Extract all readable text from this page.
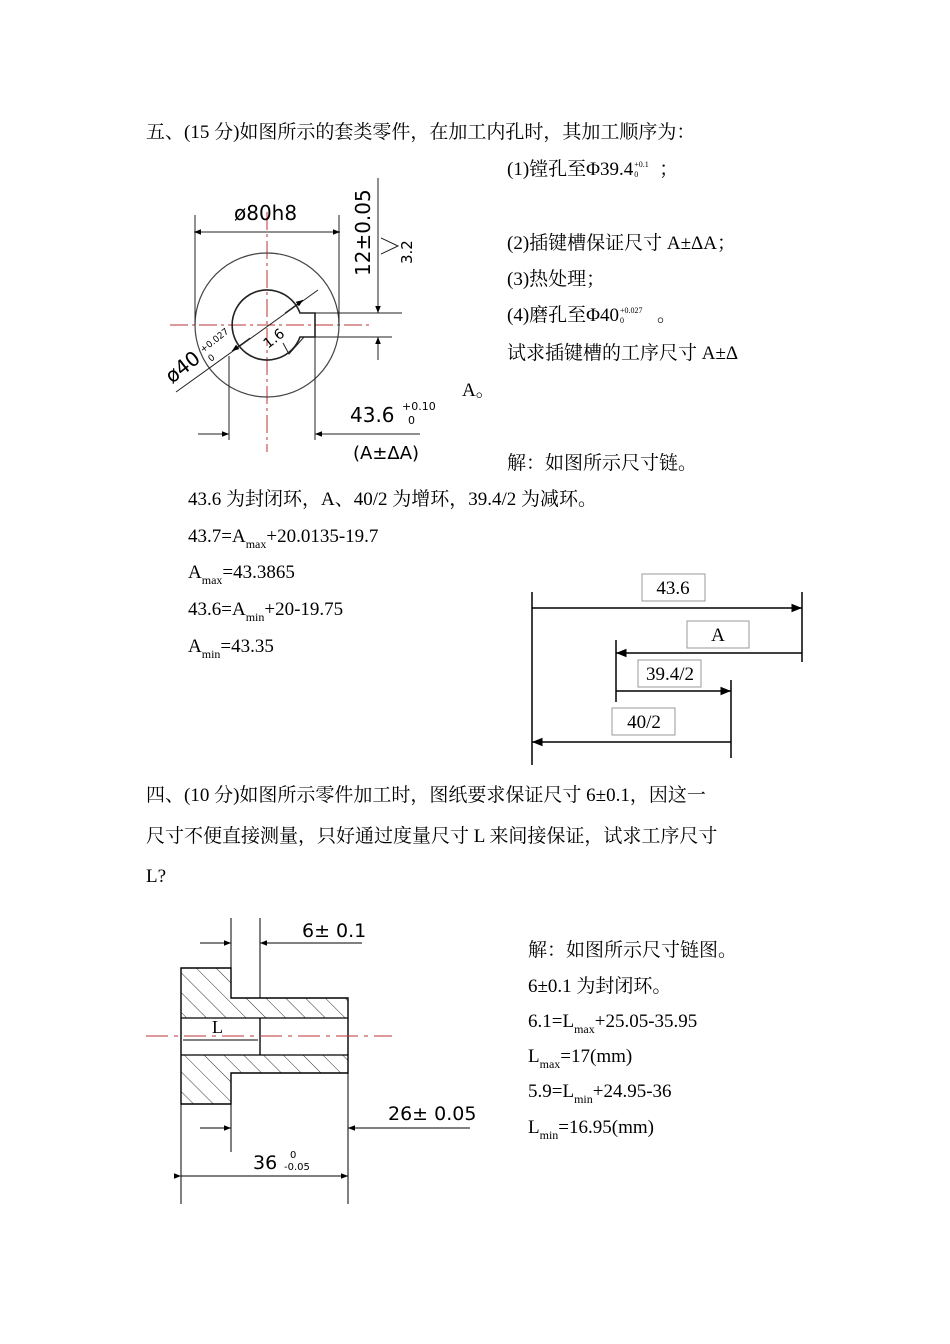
五、(15 分)如图所示的套类零件，在加工内孔时，其加工顺序为：
(1)镗孔至Φ39.4 +0.1
0 ；
(2)插键槽保证尺寸 A±ΔA；
(3)热处理；
(4)磨孔至Φ40 +0.027
0 。
试求插键槽的工序尺寸 A±Δ
A。
解：如图所示尺寸链。
43.6 为封闭环，A、40/2 为增环，39.4/2 为减环。
$43.7=A_{max}+20.0135-19.7$
$A_{max}=43.3865$
$43.6=A_{min}+20-19.75$
$A_{min}=43.35$
ø80h8	12±0.05 3.2
ø40
+0.027
0
1.6
43.6 +0.10
0
(A±ΔA)
43.6
A
39.4/2
40/2
四、(10 分)如图所示零件加工时，图纸要求保证尺寸 6±0.1，因这一
尺寸不便直接测量，只好通过度量尺寸 L 来间接保证，试求工序尺寸
L?
解：如图所示尺寸链图。
6±0.1 为封闭环。
$6.1=L_{max}+25.05-35.95$
$L_{max}=17(mm)$
$5.9=L_{min}+24.95-36$
$L_{min}=16.95(mm)$
6± 0.1
L
26± 0.05
36 0
-0.05
